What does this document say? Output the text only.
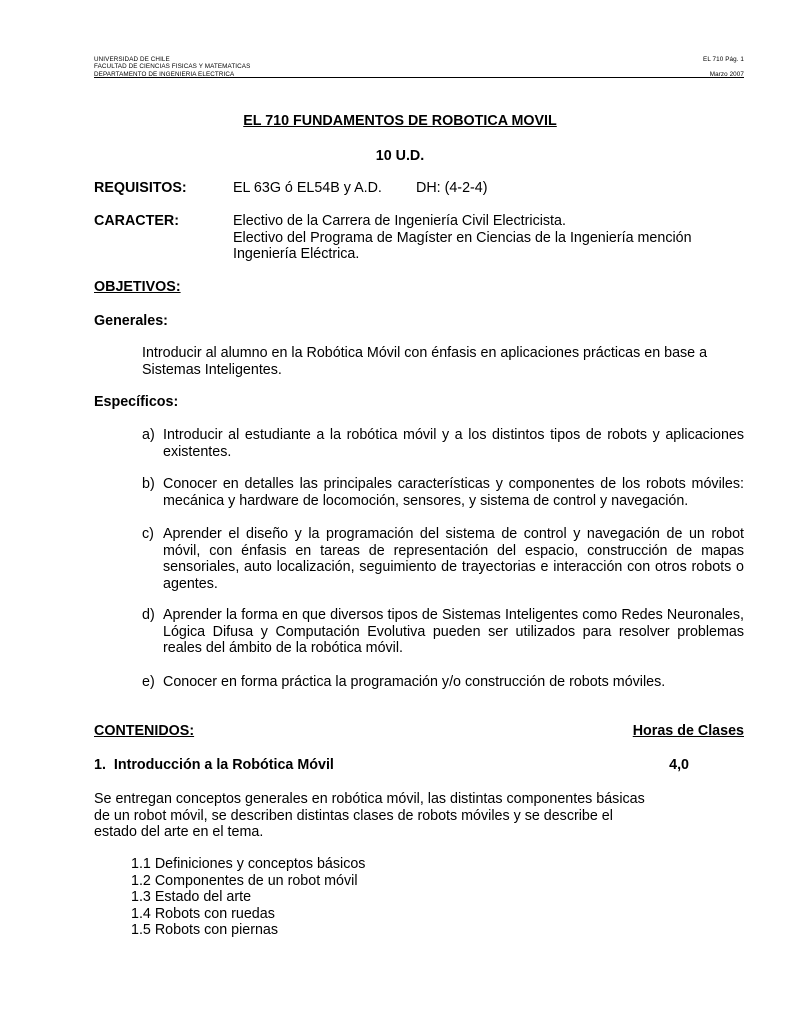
UNIVERSIDAD DE CHILE
FACULTAD DE CIENCIAS FISICAS Y MATEMATICAS
DEPARTAMENTO DE INGENIERIA ELECTRICA
EL 710 Pág. 1

Marzo 2007
EL 710 FUNDAMENTOS DE ROBOTICA MOVIL
10 U.D.
REQUISITOS:	EL 63G ó EL54B y A.D. DH: (4-2-4)
CARACTER:	Electivo de la Carrera de Ingeniería Civil Electricista.
Electivo del Programa de Magíster en Ciencias de la Ingeniería mención
Ingeniería Eléctrica.
OBJETIVOS:
Generales:
Introducir al alumno en la Robótica Móvil con énfasis en aplicaciones prácticas en base a Sistemas Inteligentes.
Específicos:
a) Introducir al estudiante a la robótica móvil y a los distintos tipos de robots y aplicaciones existentes.
b) Conocer en detalles las principales características y componentes de los robots móviles: mecánica y hardware de locomoción, sensores, y sistema de control y navegación.
c) Aprender el diseño y la programación del sistema de control y navegación de un robot móvil, con énfasis en tareas de representación del espacio, construcción de mapas sensoriales, auto localización, seguimiento de trayectorias e interacción con otros robots o agentes.
d) Aprender la forma en que diversos tipos de Sistemas Inteligentes como Redes Neuronales, Lógica Difusa y Computación Evolutiva pueden ser utilizados para resolver problemas reales del ámbito de la robótica móvil.
e) Conocer en forma práctica la programación y/o construcción de robots móviles.
CONTENIDOS:	Horas de Clases
1.  Introducción a la Robótica Móvil	4,0
Se entregan conceptos generales en robótica móvil, las distintas componentes básicas de un robot móvil, se describen distintas clases de robots móviles y se describe el estado del arte en el tema.
1.1 Definiciones y conceptos básicos
1.2 Componentes de un robot móvil
1.3 Estado del arte
1.4 Robots con ruedas
1.5 Robots con piernas
